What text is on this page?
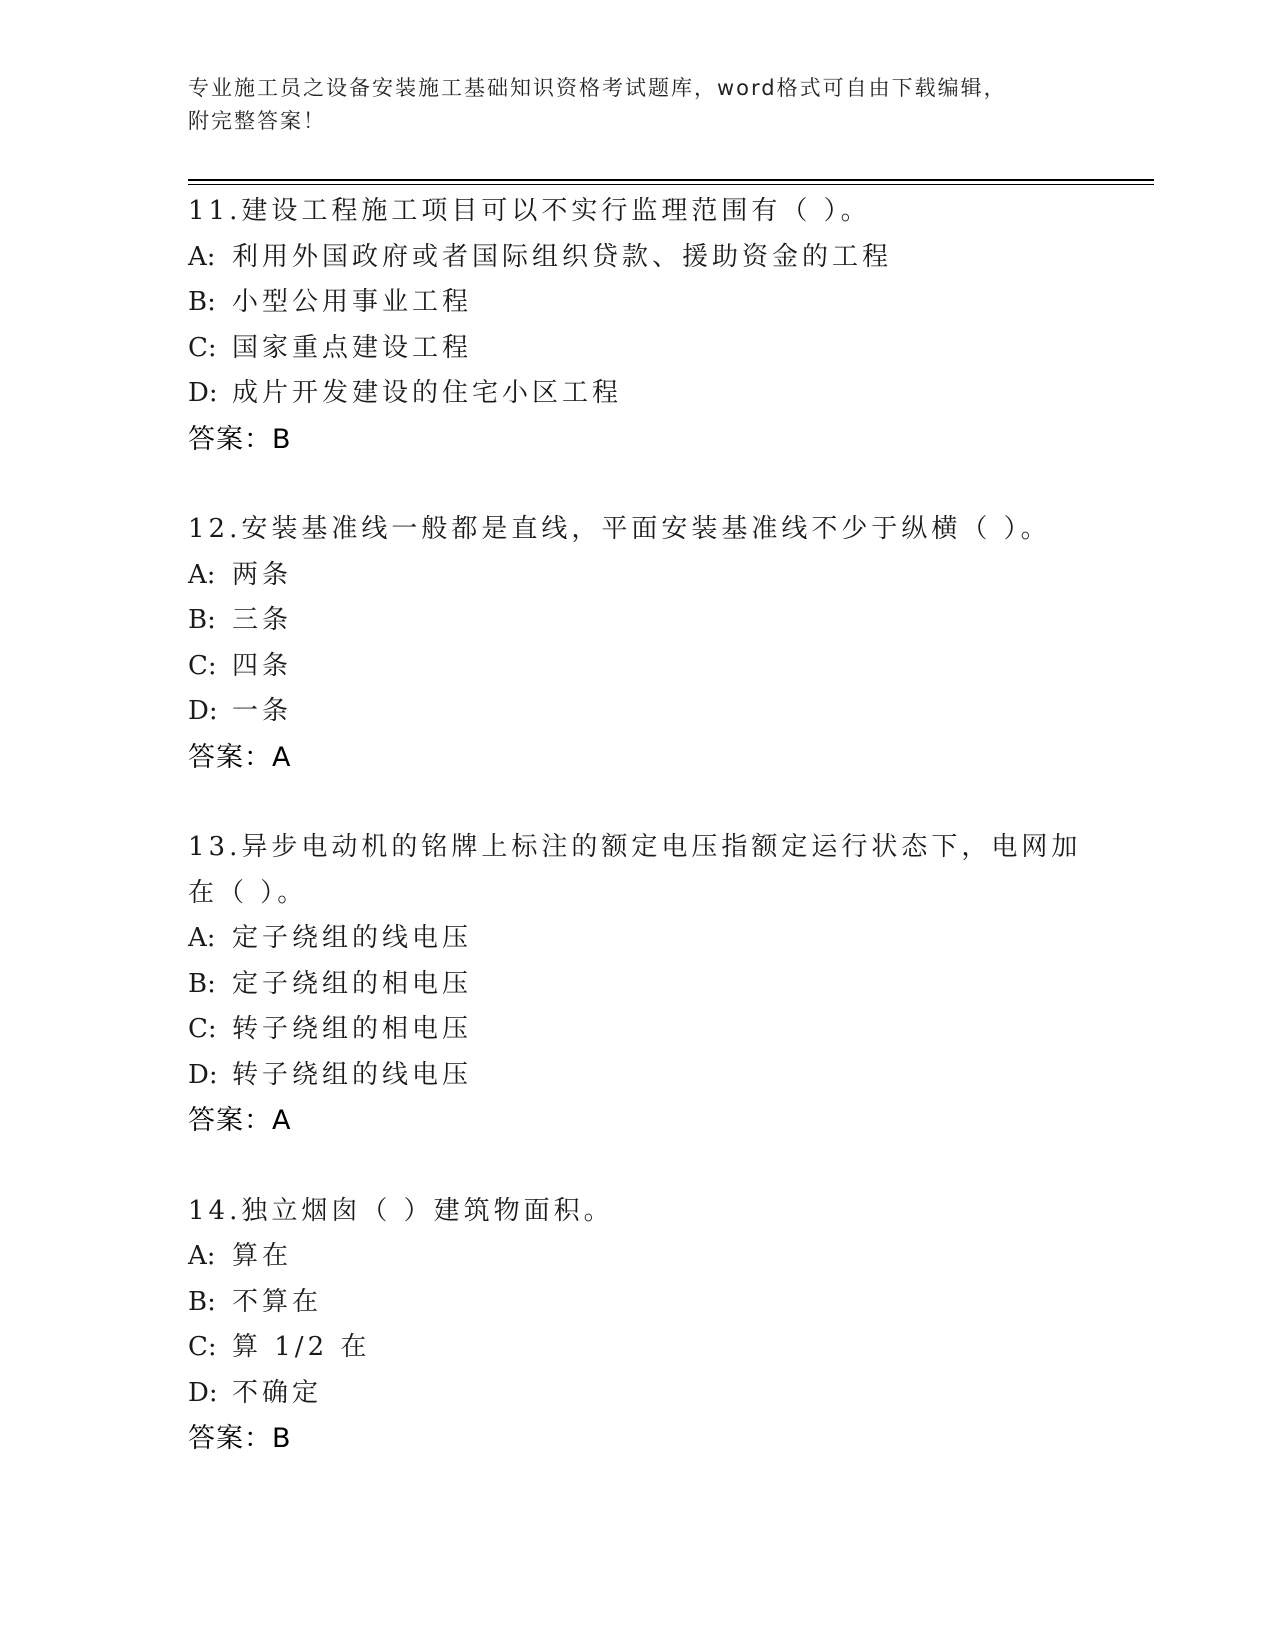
专业施工员之设备安装施工基础知识资格考试题库，word格式可自由下载编辑，
附完整答案！
11.建设工程施工项目可以不实行监理范围有（ ）。
A: 利用外国政府或者国际组织贷款、援助资金的工程
B: 小型公用事业工程
C: 国家重点建设工程
D: 成片开发建设的住宅小区工程
答案：B
12.安装基准线一般都是直线，平面安装基准线不少于纵横（ ）。
A: 两条
B: 三条
C: 四条
D: 一条
答案：A
13.异步电动机的铭牌上标注的额定电压指额定运行状态下，电网加在（ ）。
A: 定子绕组的线电压
B: 定子绕组的相电压
C: 转子绕组的相电压
D: 转子绕组的线电压
答案：A
14.独立烟囱（ ）建筑物面积。
A: 算在
B: 不算在
C: 算 1/2 在
D: 不确定
答案：B
